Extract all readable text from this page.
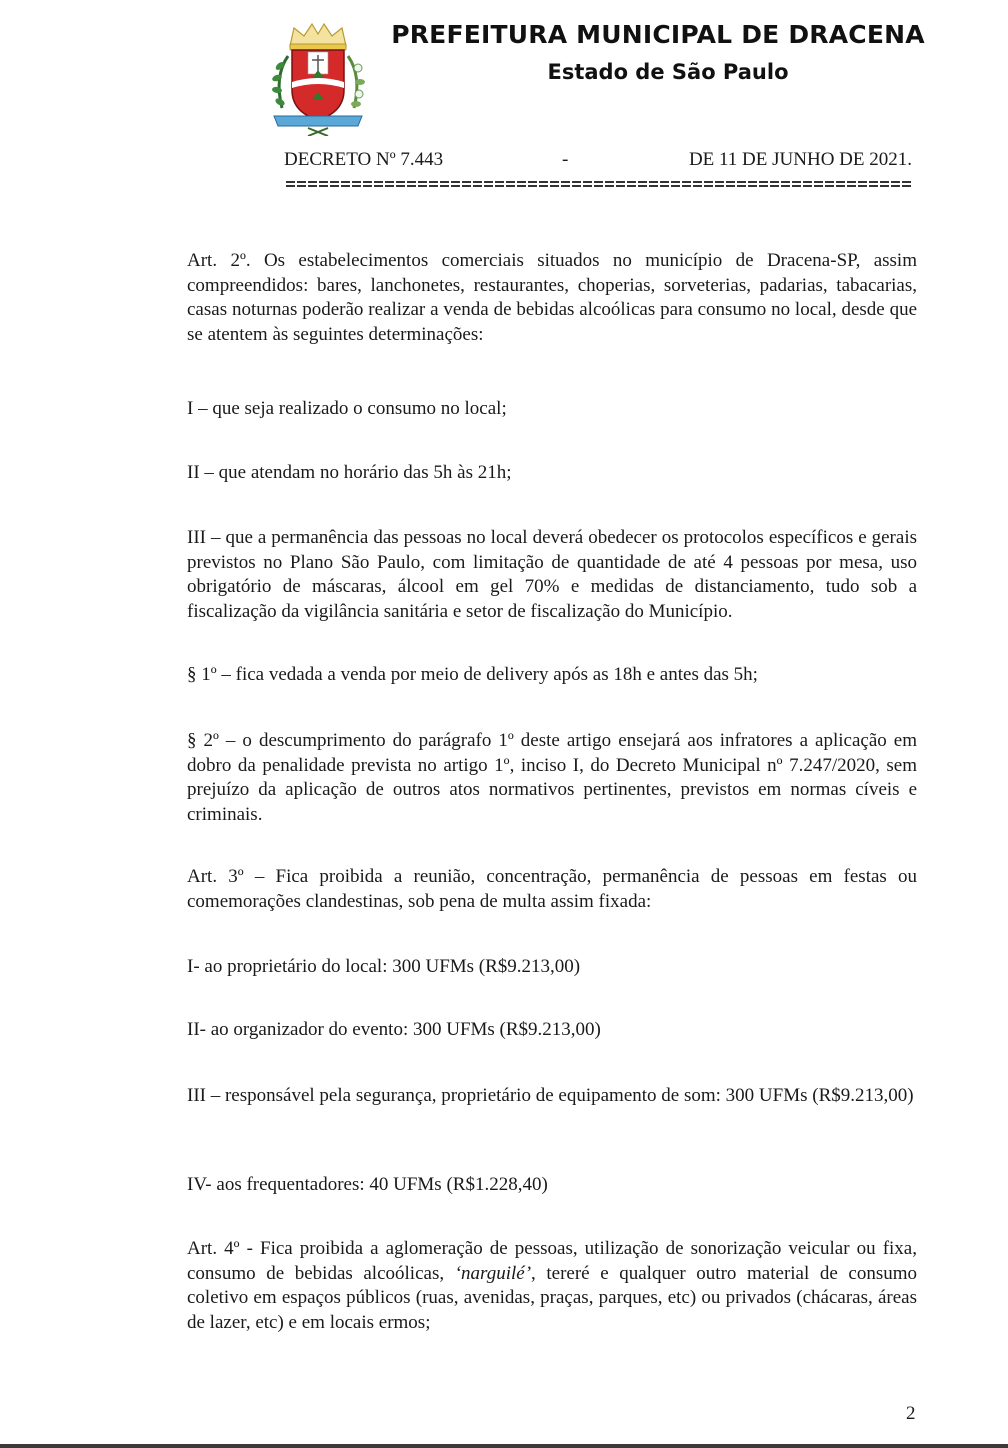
PREFEITURA MUNICIPAL DE DRACENA
Estado de São Paulo
DECRETO Nº 7.443	-	DE 11 DE JUNHO DE 2021.

Art. 2º. Os estabelecimentos comerciais situados no município de Dracena-SP, assim compreendidos: bares, lanchonetes, restaurantes, choperias, sorveterias, padarias, tabacarias, casas noturnas poderão realizar a venda de bebidas alcoólicas para consumo no local, desde que se atentem às seguintes determinações:

I – que seja realizado o consumo no local;

II – que atendam no horário das 5h às 21h;

III – que a permanência das pessoas no local deverá obedecer os protocolos específicos e gerais previstos no Plano São Paulo, com limitação de quantidade de até 4 pessoas por mesa, uso obrigatório de máscaras, álcool em gel 70% e medidas de distanciamento, tudo sob a fiscalização da vigilância sanitária e setor de fiscalização do Município.

§ 1º – fica vedada a venda por meio de delivery após as 18h e antes das 5h;

§ 2º – o descumprimento do parágrafo 1º deste artigo ensejará aos infratores a aplicação em dobro da penalidade prevista no artigo 1º, inciso I, do Decreto Municipal nº 7.247/2020, sem prejuízo da aplicação de outros atos normativos pertinentes, previstos em normas cíveis e criminais.

Art. 3º – Fica proibida a reunião, concentração, permanência de pessoas em festas ou comemorações clandestinas, sob pena de multa assim fixada:

I- ao proprietário do local: 300 UFMs (R$9.213,00)

II- ao organizador do evento: 300 UFMs (R$9.213,00)

III – responsável pela segurança, proprietário de equipamento de som: 300 UFMs (R$9.213,00)

IV- aos frequentadores: 40 UFMs (R$1.228,40)

Art. 4º - Fica proibida a aglomeração de pessoas, utilização de sonorização veicular ou fixa, consumo de bebidas alcoólicas, ‘narguilé’, tereré e qualquer outro material de consumo coletivo em espaços públicos (ruas, avenidas, praças, parques, etc) ou privados (chácaras, áreas de lazer, etc) e em locais ermos;

2
